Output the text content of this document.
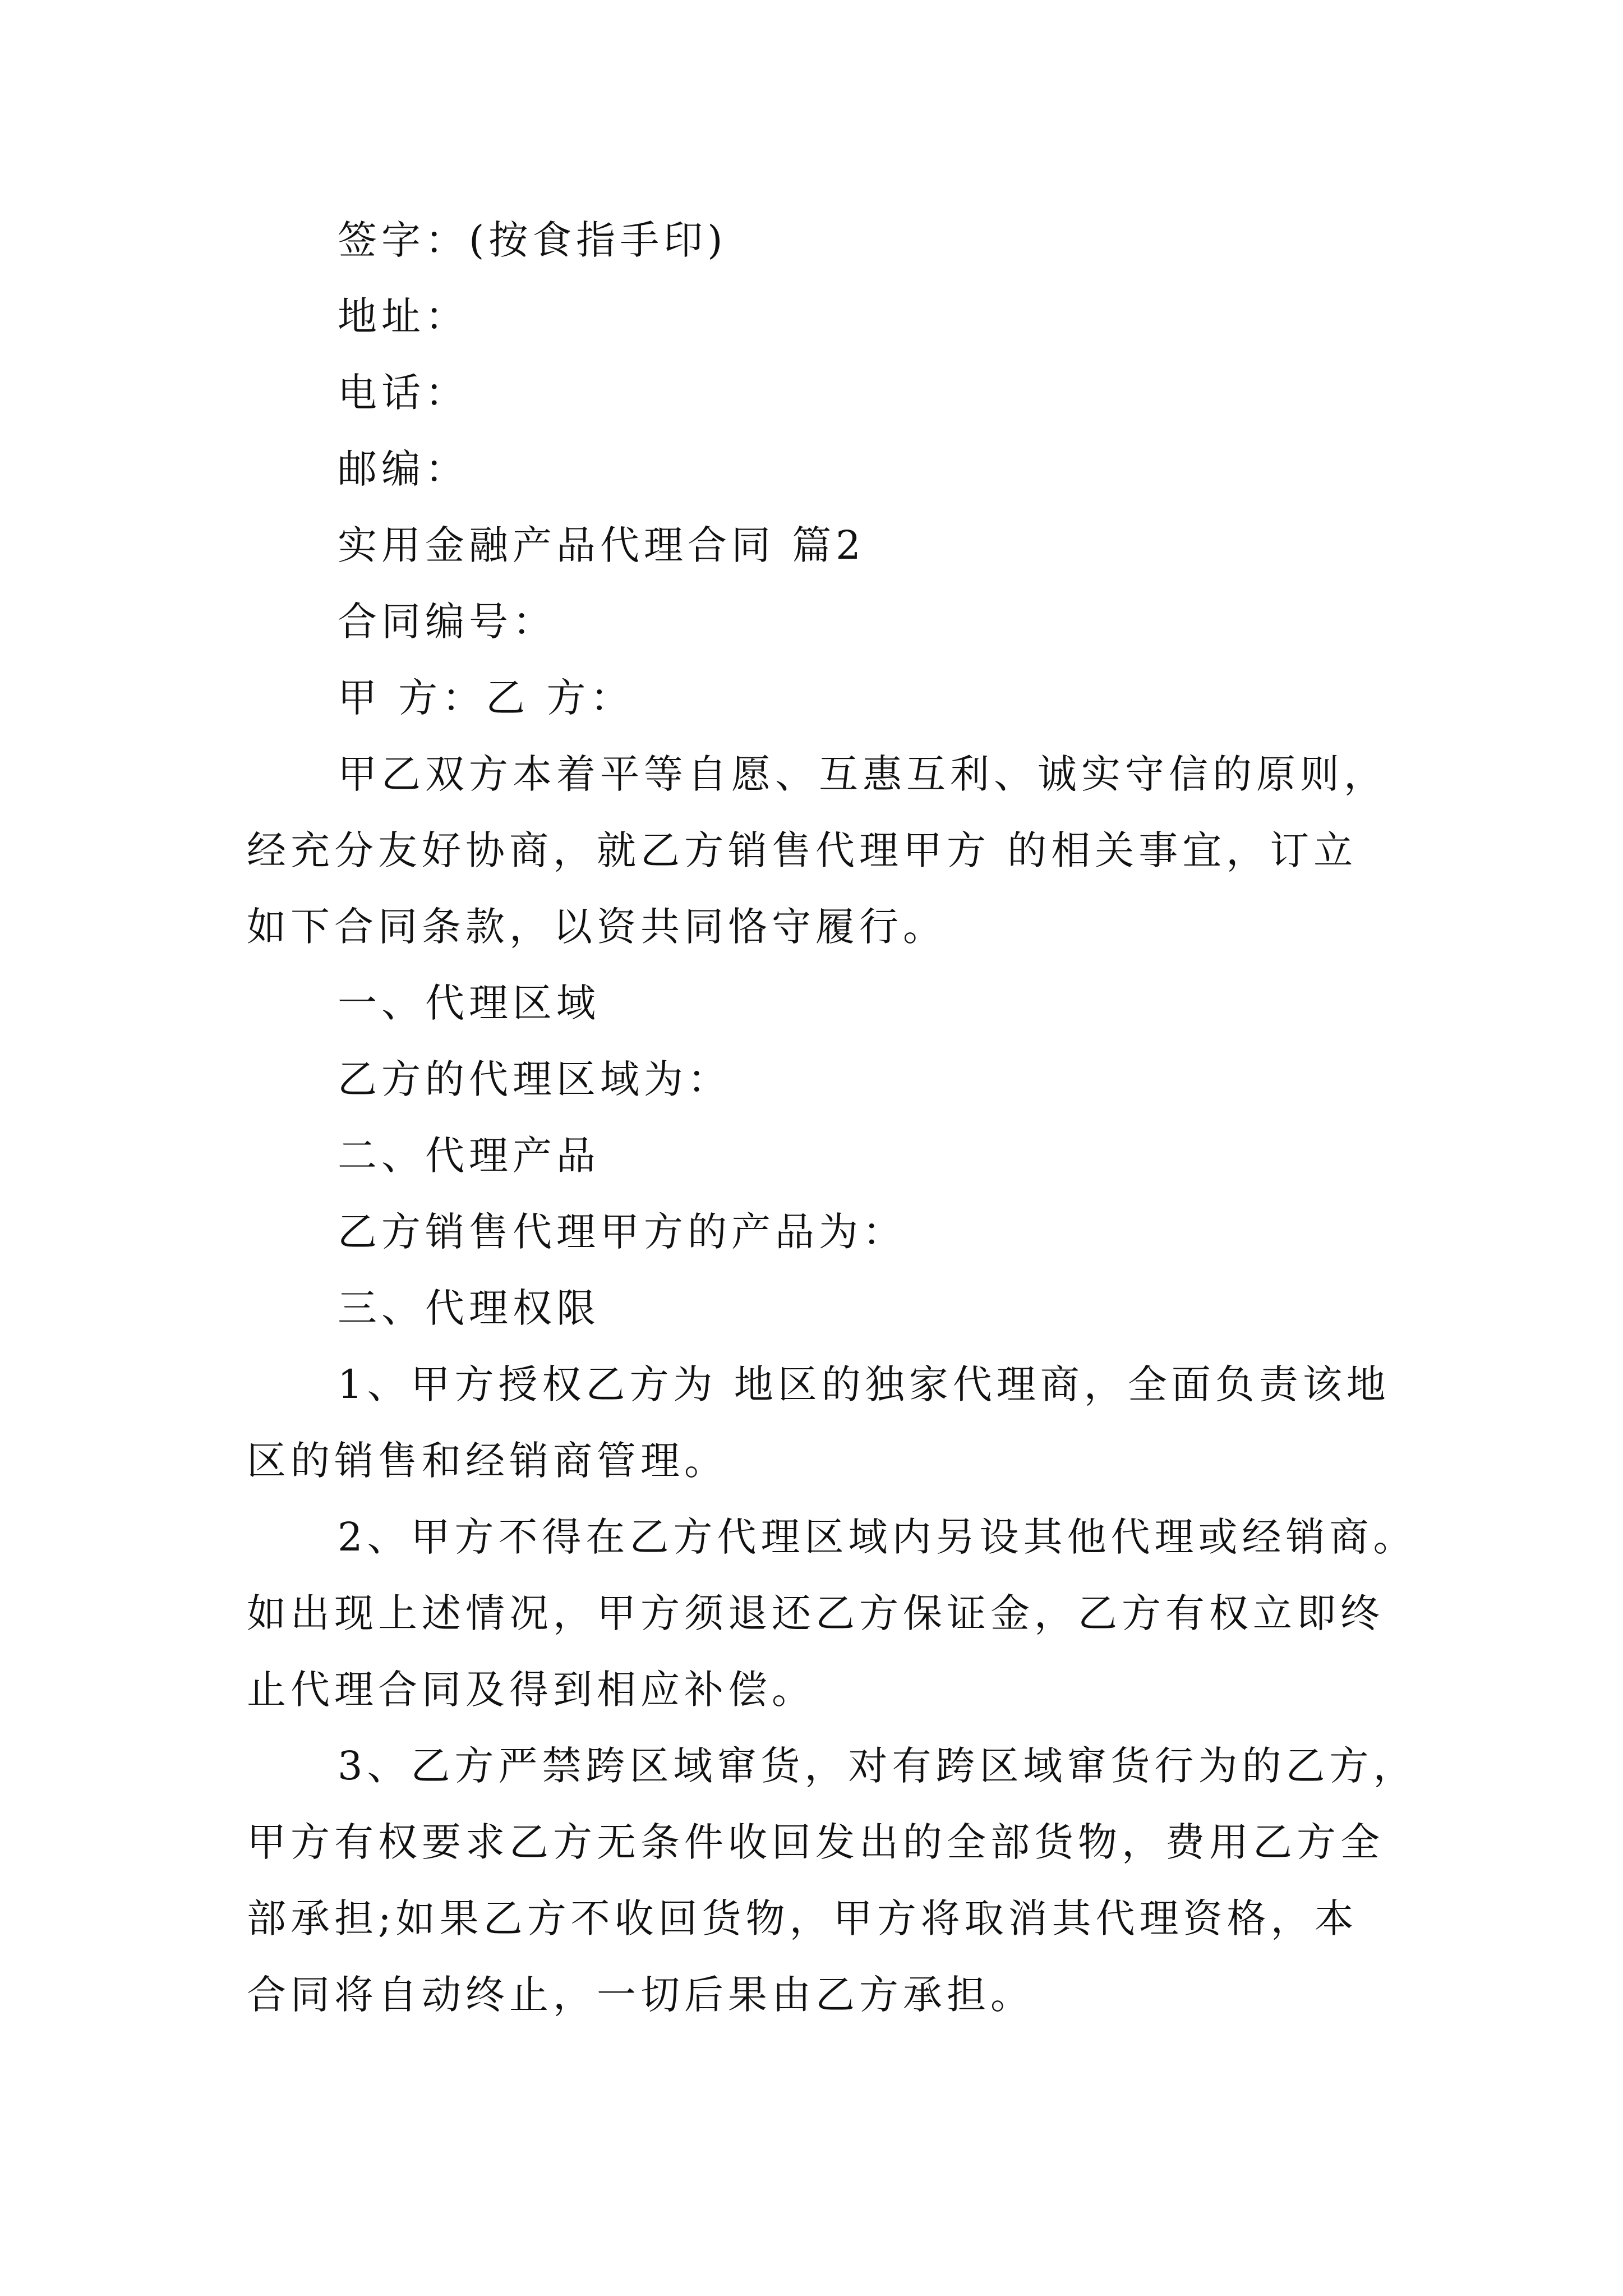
签字：(按食指手印)
地址：
电话：
邮编：
实用金融产品代理合同 篇2
合同编号：
甲 方：乙 方：
甲乙双方本着平等自愿、互惠互利、诚实守信的原则，
经充分友好协商，就乙方销售代理甲方 的相关事宜，订立
如下合同条款，以资共同恪守履行。
一、代理区域
乙方的代理区域为：
二、代理产品
乙方销售代理甲方的产品为：
三、代理权限
1、甲方授权乙方为 地区的独家代理商，全面负责该地
区的销售和经销商管理。
2、甲方不得在乙方代理区域内另设其他代理或经销商。
如出现上述情况，甲方须退还乙方保证金，乙方有权立即终
止代理合同及得到相应补偿。
3、乙方严禁跨区域窜货，对有跨区域窜货行为的乙方，
甲方有权要求乙方无条件收回发出的全部货物，费用乙方全
部承担;如果乙方不收回货物，甲方将取消其代理资格，本
合同将自动终止，一切后果由乙方承担。
